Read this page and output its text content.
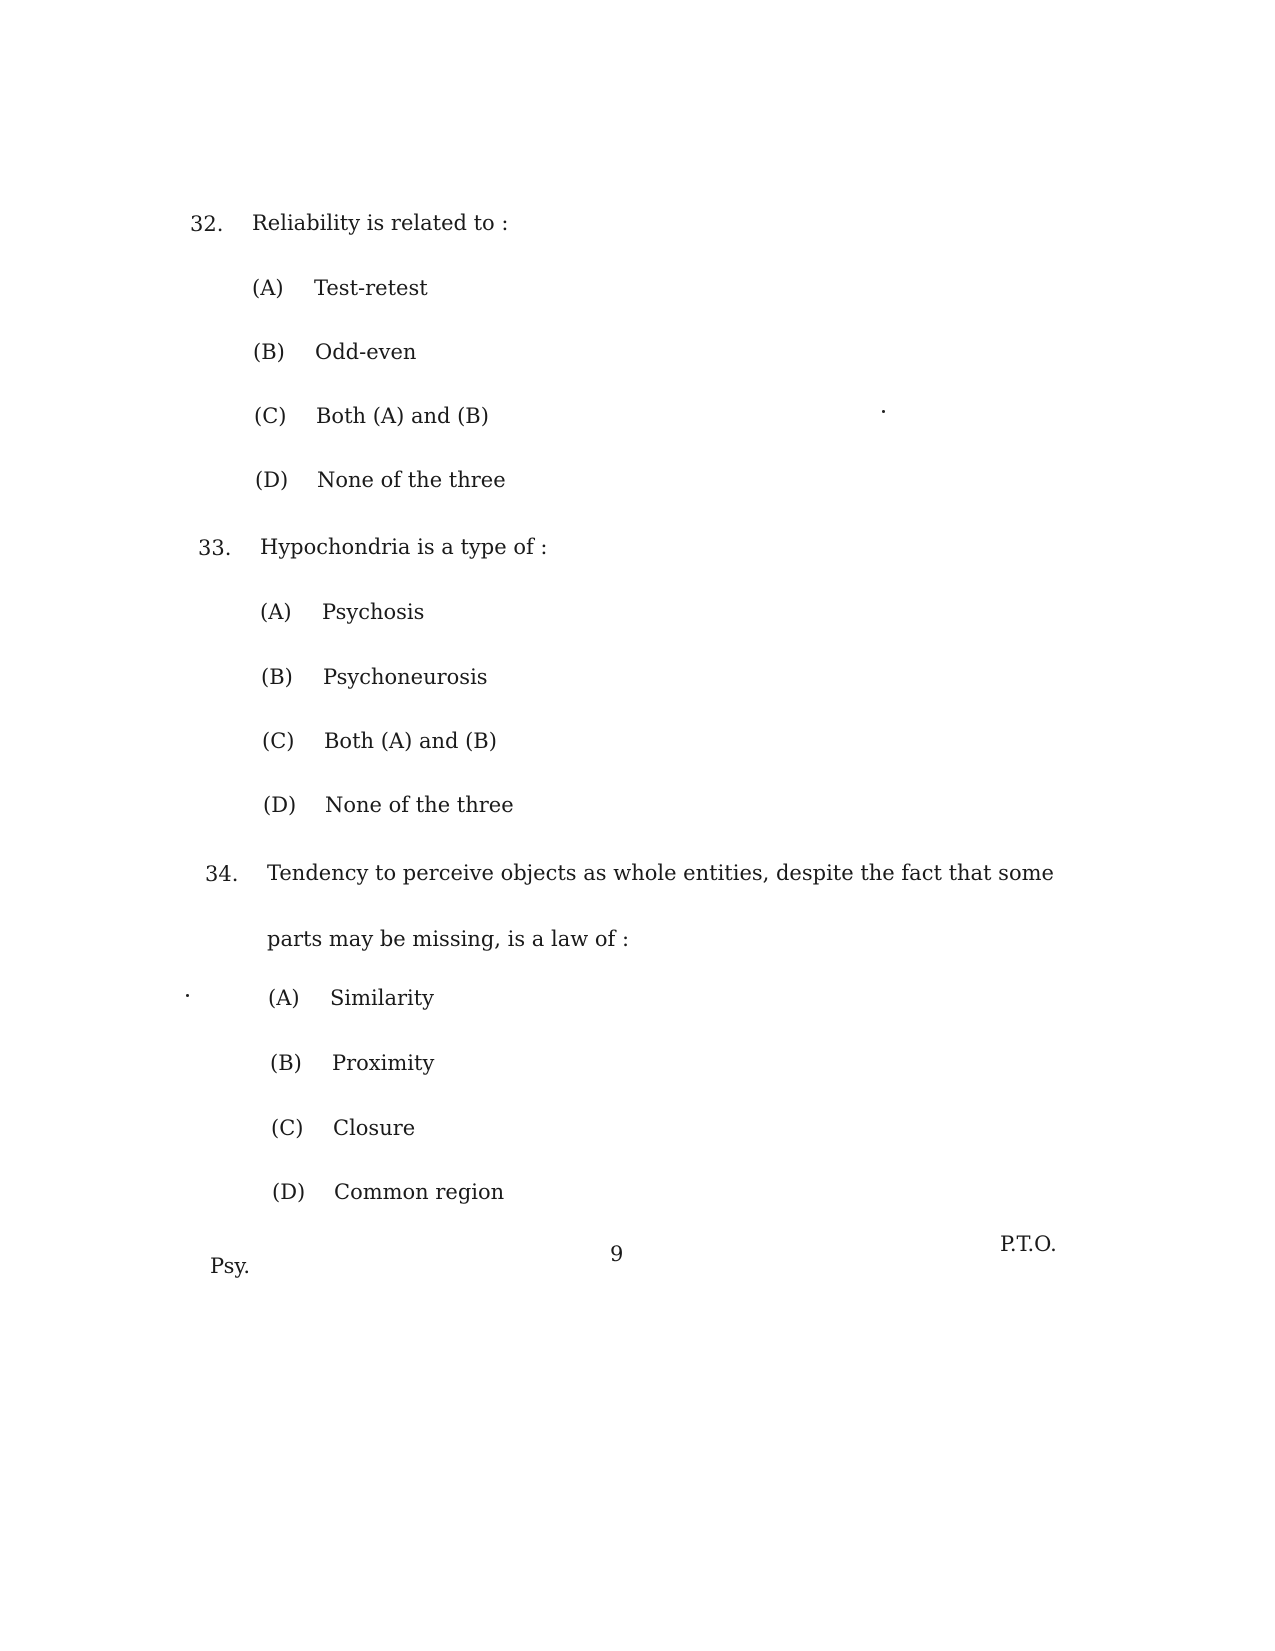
32.	Reliability is related to :
(A)	Test-retest
(B)	Odd-even
(C)	Both (A) and (B)
(D)	None of the three
33.	Hypochondria is a type of :
(A)	Psychosis
(B)	Psychoneurosis
(C)	Both (A) and (B)
(D)	None of the three
34.	Tendency to perceive objects as whole entities, despite the fact that some parts may be missing, is a law of :
(A)	Similarity
(B)	Proximity
(C)	Closure
(D)	Common region
Psy.	9	P.T.O.
